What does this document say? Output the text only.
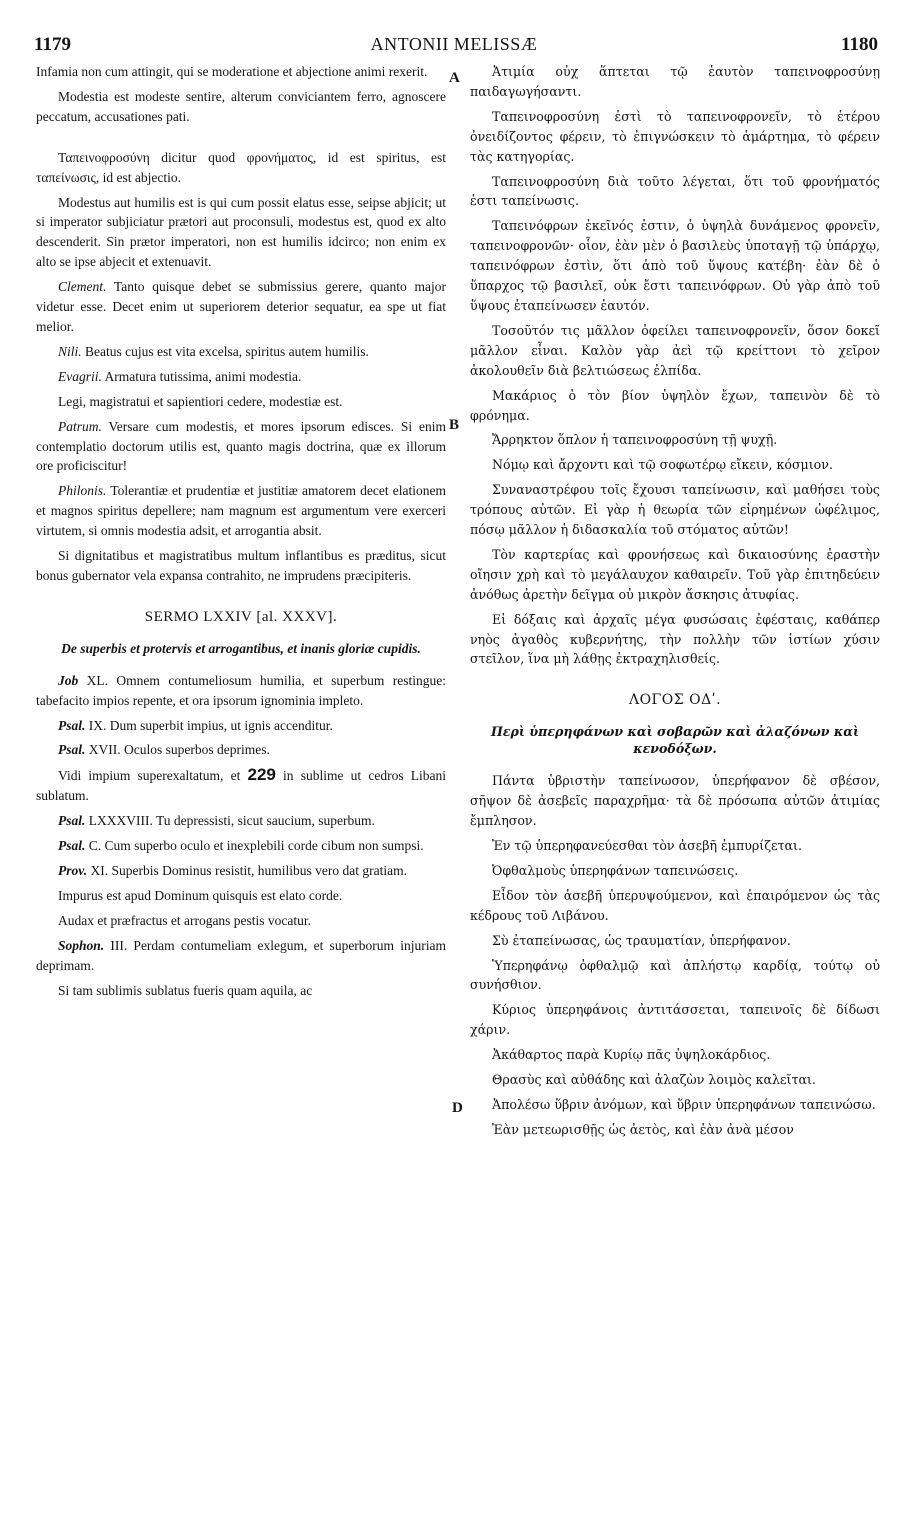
1179	ANTONII MELISSÆ	1180
A
B
D

Infamia non cum attingit, qui se moderatione et abjectione animi rexerit.

Modestia est modeste sentire, alterum conviciantem ferro, agnoscere peccatum, accusationes pati.

Ταπεινοφροσύνη dicitur quod φρονήματος, id est spiritus, est ταπείνωσις, id est abjectio.

Modestus aut humilis est is qui cum possit elatus esse, seipse abjicit; ut si imperator subjiciatur prætori aut proconsuli, modestus est, quod ex alto descenderit. Sin prætor imperatori, non est humilis idcirco; non enim ex alto se ipse abjecit et extenuavit.

Clement. Tanto quisque debet se submissius gerere, quanto major videtur esse. Decet enim ut superiorem deterior sequatur, ea spe ut fiat melior.

Nili. Beatus cujus est vita excelsa, spiritus autem humilis.

Evagrii. Armatura tutissima, animi modestia.

Legi, magistratui et sapientiori cedere, modestiæ est.

Patrum. Versare cum modestis, et mores ipsorum edisces. Si enim contemplatio doctorum utilis est, quanto magis doctrina, quæ ex illorum ore proficiscitur!

Philonis. Tolerantiæ et prudentiæ et justitiæ amatorem decet elationem et magnos spiritus depellere; nam magnum est argumentum vere exerceri virtutem, si omnis modestia adsit, et arrogantia absit.

Si dignitatibus et magistratibus multum inflantibus es præditus, sicut bonus gubernator vela expansa contrahito, ne imprudens præcipiteris.

SERMO LXXIV [al. XXXV].

De superbis et protervis et arrogantibus, et inanis gloriæ cupidis.

Job XL. Omnem contumeliosum humilia, et superbum restingue: tabefacito impios repente, et ora ipsorum ignominia impleto.

Psal. IX. Dum superbit impius, ut ignis accenditur.

Psal. XVII. Oculos superbos deprimes.

Vidi impium superexaltatum, et 229 in sublime ut cedros Libani sublatum.

Psal. LXXXVIII. Tu depressisti, sicut saucium, superbum.

Psal. C. Cum superbo oculo et inexplebili corde cibum non sumpsi.

Prov. XI. Superbis Dominus resistit, humilibus vero dat gratiam.

Impurus est apud Dominum quisquis est elato corde.

Audax et præfractus et arrogans pestis vocatur.

Sophon. III. Perdam contumeliam exlegum, et superborum injuriam deprimam.

Si tam sublimis sublatus fueris quam aquila, ac

Ἀτιμία οὐχ ἅπτεται τῷ ἑαυτὸν ταπεινοφροσύνῃ παιδαγωγήσαντι.

Ταπεινοφροσύνη ἐστὶ τὸ ταπεινοφρονεῖν, τὸ ἑτέρου ὀνειδίζοντος φέρειν, τὸ ἐπιγνώσκειν τὸ ἁμάρτημα, τὸ φέρειν τὰς κατηγορίας.

Ταπεινοφροσύνη διὰ τοῦτο λέγεται, ὅτι τοῦ φρονήματός ἐστι ταπείνωσις.

Ταπεινόφρων ἐκεῖνός ἐστιν, ὁ ὑψηλὰ δυνάμενος φρονεῖν, ταπεινοφρονῶν· οἷον, ἐὰν μὲν ὁ βασιλεὺς ὑποταγῇ τῷ ὑπάρχῳ, ταπεινόφρων ἐστὶν, ὅτι ἀπὸ τοῦ ὕψους κατέβη· ἐὰν δὲ ὁ ὕπαρχος τῷ βασιλεῖ, οὐκ ἔστι ταπεινόφρων. Οὐ γὰρ ἀπὸ τοῦ ὕψους ἐταπείνωσεν ἑαυτόν.

Τοσοῦτόν τις μᾶλλον ὀφείλει ταπεινοφρονεῖν, ὅσον δοκεῖ μᾶλλον εἶναι. Καλὸν γὰρ ἀεὶ τῷ κρείττονι τὸ χεῖρον ἀκολουθεῖν διὰ βελτιώσεως ἐλπίδα.

Μακάριος ὁ τὸν βίον ὑψηλὸν ἔχων, ταπεινὸν δὲ τὸ φρόνημα.

Ἄρρηκτον ὅπλον ἡ ταπεινοφροσύνη τῇ ψυχῇ.

Νόμῳ καὶ ἄρχοντι καὶ τῷ σοφωτέρῳ εἴκειν, κόσμιον.

Συναναστρέφου τοῖς ἔχουσι ταπείνωσιν, καὶ μαθήσει τοὺς τρόπους αὐτῶν. Εἰ γὰρ ἡ θεωρία τῶν εἰρημένων ὠφέλιμος, πόσῳ μᾶλλον ἡ διδασκαλία τοῦ στόματος αὐτῶν!

Τὸν καρτερίας καὶ φρονήσεως καὶ δικαιοσύνης ἐραστὴν οἴησιν χρὴ καὶ τὸ μεγάλαυχον καθαιρεῖν. Τοῦ γὰρ ἐπιτηδεύειν ἀνόθως ἀρετὴν δεῖγμα οὐ μικρὸν ἄσκησις ἀτυφίας.

Εἰ δόξαις καὶ ἀρχαῖς μέγα φυσώσαις ἐφέσταις, καθάπερ νηὸς ἀγαθὸς κυβερνήτης, τὴν πολλὴν τῶν ἱστίων χύσιν στεῖλον, ἵνα μὴ λάθῃς ἐκτραχηλισθείς.

ΛΟΓΟΣ ΟΔʹ.

Περὶ ὑπερηφάνων καὶ σοβαρῶν καὶ ἀλαζόνων καὶ κενοδόξων.

Πάντα ὑβριστὴν ταπείνωσον, ὑπερήφανον δὲ σβέσον, σῆψον δὲ ἀσεβεῖς παραχρῆμα· τὰ δὲ πρόσωπα αὐτῶν ἀτιμίας ἔμπλησον.

Ἐν τῷ ὑπερηφανεύεσθαι τὸν ἀσεβῆ ἐμπυρίζεται.

Ὀφθαλμοὺς ὑπερηφάνων ταπεινώσεις.

Εἶδον τὸν ἀσεβῆ ὑπερυψούμενον, καὶ ἐπαιρόμενον ὡς τὰς κέδρους τοῦ Λιβάνου.

Σὺ ἐταπείνωσας, ὡς τραυματίαν, ὑπερήφανον.

Ὑπερηφάνῳ ὀφθαλμῷ καὶ ἀπλήστῳ καρδίᾳ, τούτῳ οὐ συνήσθιον.

Κύριος ὑπερηφάνοις ἀντιτάσσεται, ταπεινοῖς δὲ δίδωσι χάριν.

Ἀκάθαρτος παρὰ Κυρίῳ πᾶς ὑψηλοκάρδιος.

Θρασὺς καὶ αὐθάδης καὶ ἀλαζὼν λοιμὸς καλεῖται.

Ἀπολέσω ὕβριν ἀνόμων, καὶ ὕβριν ὑπερηφάνων ταπεινώσω.

Ἐὰν μετεωρισθῇς ὡς ἀετὸς, καὶ ἐὰν ἀνὰ μέσον
